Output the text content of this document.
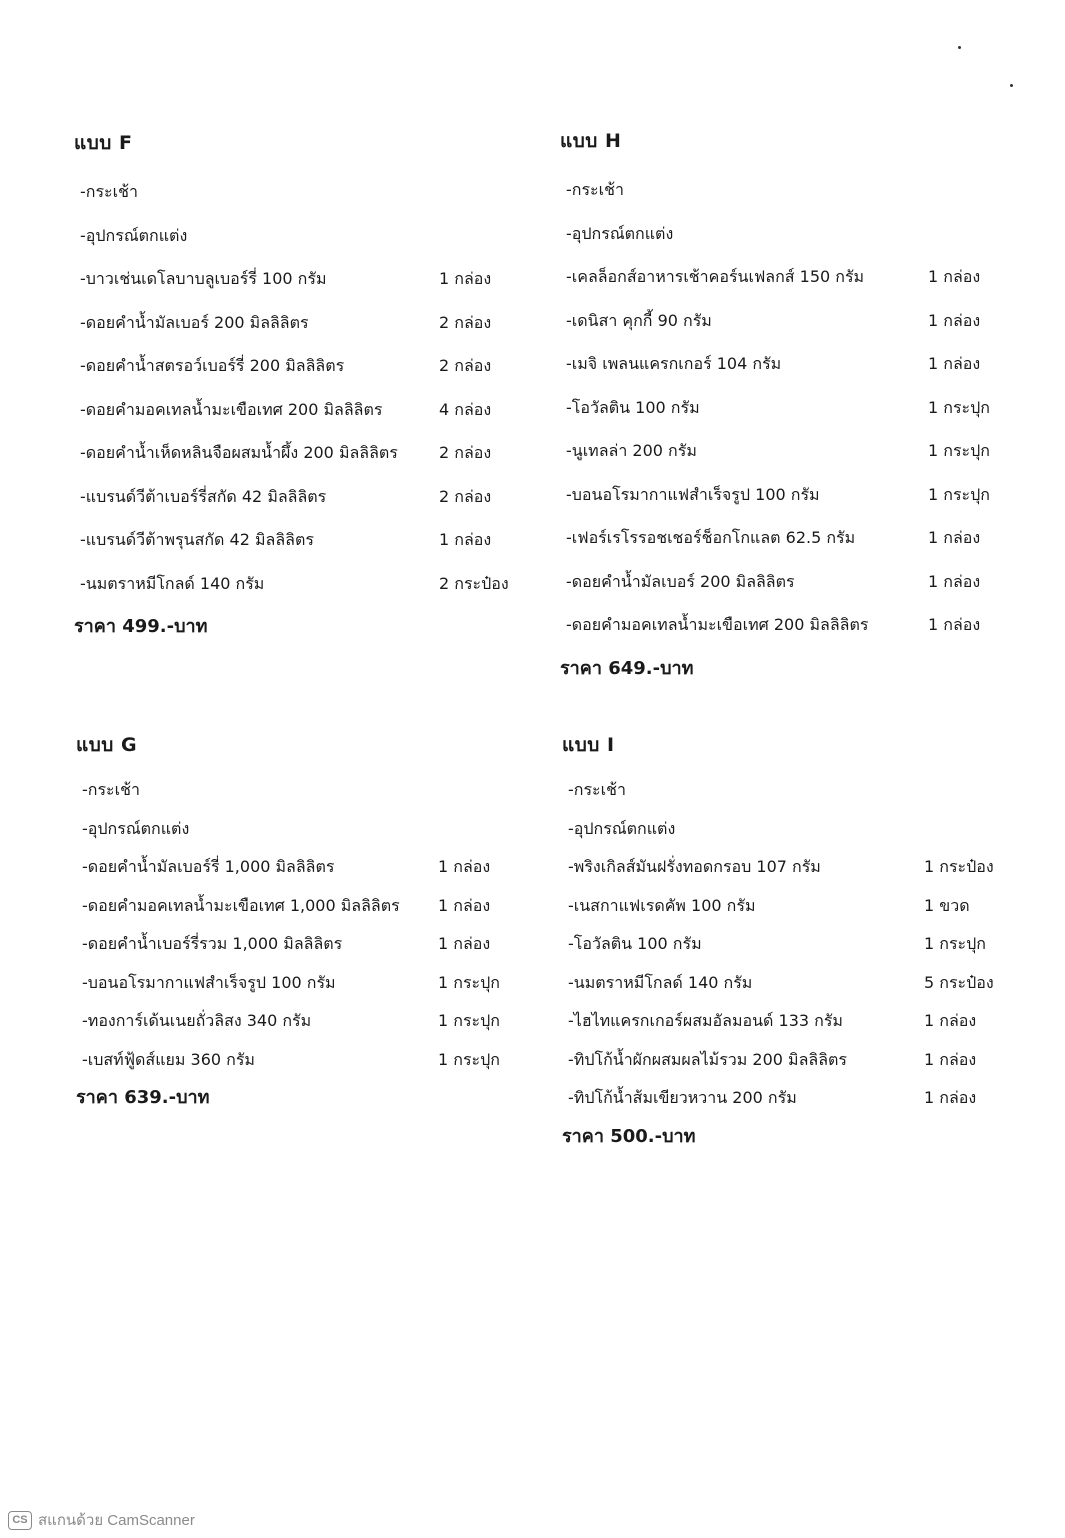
แบบ F
-กระเช้า
-อุปกรณ์ตกแต่ง
-บาวเช่นเดโลบาบลูเบอร์รี่ 100 กรัม	1 กล่อง
-ดอยคำน้ำมัลเบอร์ 200 มิลลิลิตร	2 กล่อง
-ดอยคำน้ำสตรอว์เบอร์รี่ 200 มิลลิลิตร	2 กล่อง
-ดอยคำมอคเทลน้ำมะเขือเทศ 200 มิลลิลิตร	4 กล่อง
-ดอยคำน้ำเห็ดหลินจือผสมน้ำผึ้ง 200 มิลลิลิตร	2 กล่อง
-แบรนด์วีต้าเบอร์รี่สกัด 42 มิลลิลิตร	2 กล่อง
-แบรนด์วีต้าพรุนสกัด 42 มิลลิลิตร	1 กล่อง
-นมตราหมีโกลด์ 140 กรัม	2 กระป๋อง
ราคา 499.-บาท
แบบ H
-กระเช้า
-อุปกรณ์ตกแต่ง
-เคลล็อกส์อาหารเช้าคอร์นเฟลกส์ 150 กรัม	1 กล่อง
-เดนิสา คุกกี้ 90 กรัม	1 กล่อง
-เมจิ เพลนแครกเกอร์ 104 กรัม	1 กล่อง
-โอวัลติน 100 กรัม	1 กระปุก
-นูเทลล่า 200 กรัม	1 กระปุก
-บอนอโรมากาแฟสำเร็จรูป 100 กรัม	1 กระปุก
-เฟอร์เรโรรอชเชอร์ช็อกโกแลต 62.5 กรัม	1 กล่อง
-ดอยคำน้ำมัลเบอร์ 200 มิลลิลิตร	1 กล่อง
-ดอยคำมอคเทลน้ำมะเขือเทศ 200 มิลลิลิตร	1 กล่อง
ราคา 649.-บาท
แบบ G
-กระเช้า
-อุปกรณ์ตกแต่ง
-ดอยคำน้ำมัลเบอร์รี่ 1,000 มิลลิลิตร	1 กล่อง
-ดอยคำมอคเทลน้ำมะเขือเทศ 1,000 มิลลิลิตร 1 กล่อง
-ดอยคำน้ำเบอร์รี่รวม 1,000 มิลลิลิตร	1 กล่อง
-บอนอโรมากาแฟสำเร็จรูป 100 กรัม	1 กระปุก
-ทองการ์เด้นเนยถั่วลิสง 340 กรัม	1 กระปุก
-เบสท์ฟู้ดส์แยม 360 กรัม	1 กระปุก
ราคา 639.-บาท
แบบ I
-กระเช้า
-อุปกรณ์ตกแต่ง
-พริงเกิลส์มันฝรั่งทอดกรอบ 107 กรัม	1 กระป๋อง
-เนสกาแฟเรดคัพ 100 กรัม	1 ขวด
-โอวัลติน 100 กรัม	1 กระปุก
-นมตราหมีโกลด์ 140 กรัม	5 กระป๋อง
-ไฮไทแครกเกอร์ผสมอัลมอนด์ 133 กรัม	1 กล่อง
-ทิปโก้น้ำผักผสมผลไม้รวม 200 มิลลิลิตร	1 กล่อง
-ทิปโก้น้ำส้มเขียวหวาน 200 กรัม	1 กล่อง
ราคา 500.-บาท
CS สแกนด้วย CamScanner
